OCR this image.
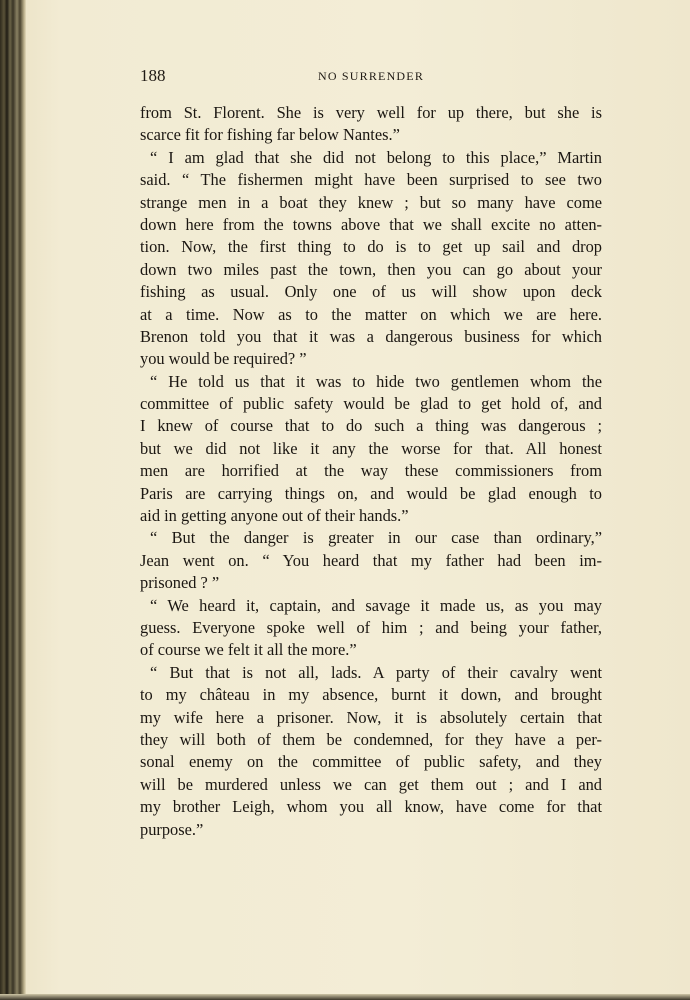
188	NO SURRENDER
from St. Florent. She is very well for up there, but she is
scarce fit for fishing far below Nantes.”
“ I am glad that she did not belong to this place,” Martin
said. “ The fishermen might have been surprised to see two
strange men in a boat they knew ; but so many have come
down here from the towns above that we shall excite no atten-
tion. Now, the first thing to do is to get up sail and drop
down two miles past the town, then you can go about your
fishing as usual. Only one of us will show upon deck
at a time. Now as to the matter on which we are here.
Brenon told you that it was a dangerous business for which
you would be required? ”
“ He told us that it was to hide two gentlemen whom the
committee of public safety would be glad to get hold of, and
I knew of course that to do such a thing was dangerous ;
but we did not like it any the worse for that. All honest
men are horrified at the way these commissioners from
Paris are carrying things on, and would be glad enough to
aid in getting anyone out of their hands.”
“ But the danger is greater in our case than ordinary,”
Jean went on. “ You heard that my father had been im-
prisoned ? ”
“ We heard it, captain, and savage it made us, as you may
guess. Everyone spoke well of him ; and being your father,
of course we felt it all the more.”
“ But that is not all, lads. A party of their cavalry went
to my château in my absence, burnt it down, and brought
my wife here a prisoner. Now, it is absolutely certain that
they will both of them be condemned, for they have a per-
sonal enemy on the committee of public safety, and they
will be murdered unless we can get them out ; and I and
my brother Leigh, whom you all know, have come for that
purpose.”
